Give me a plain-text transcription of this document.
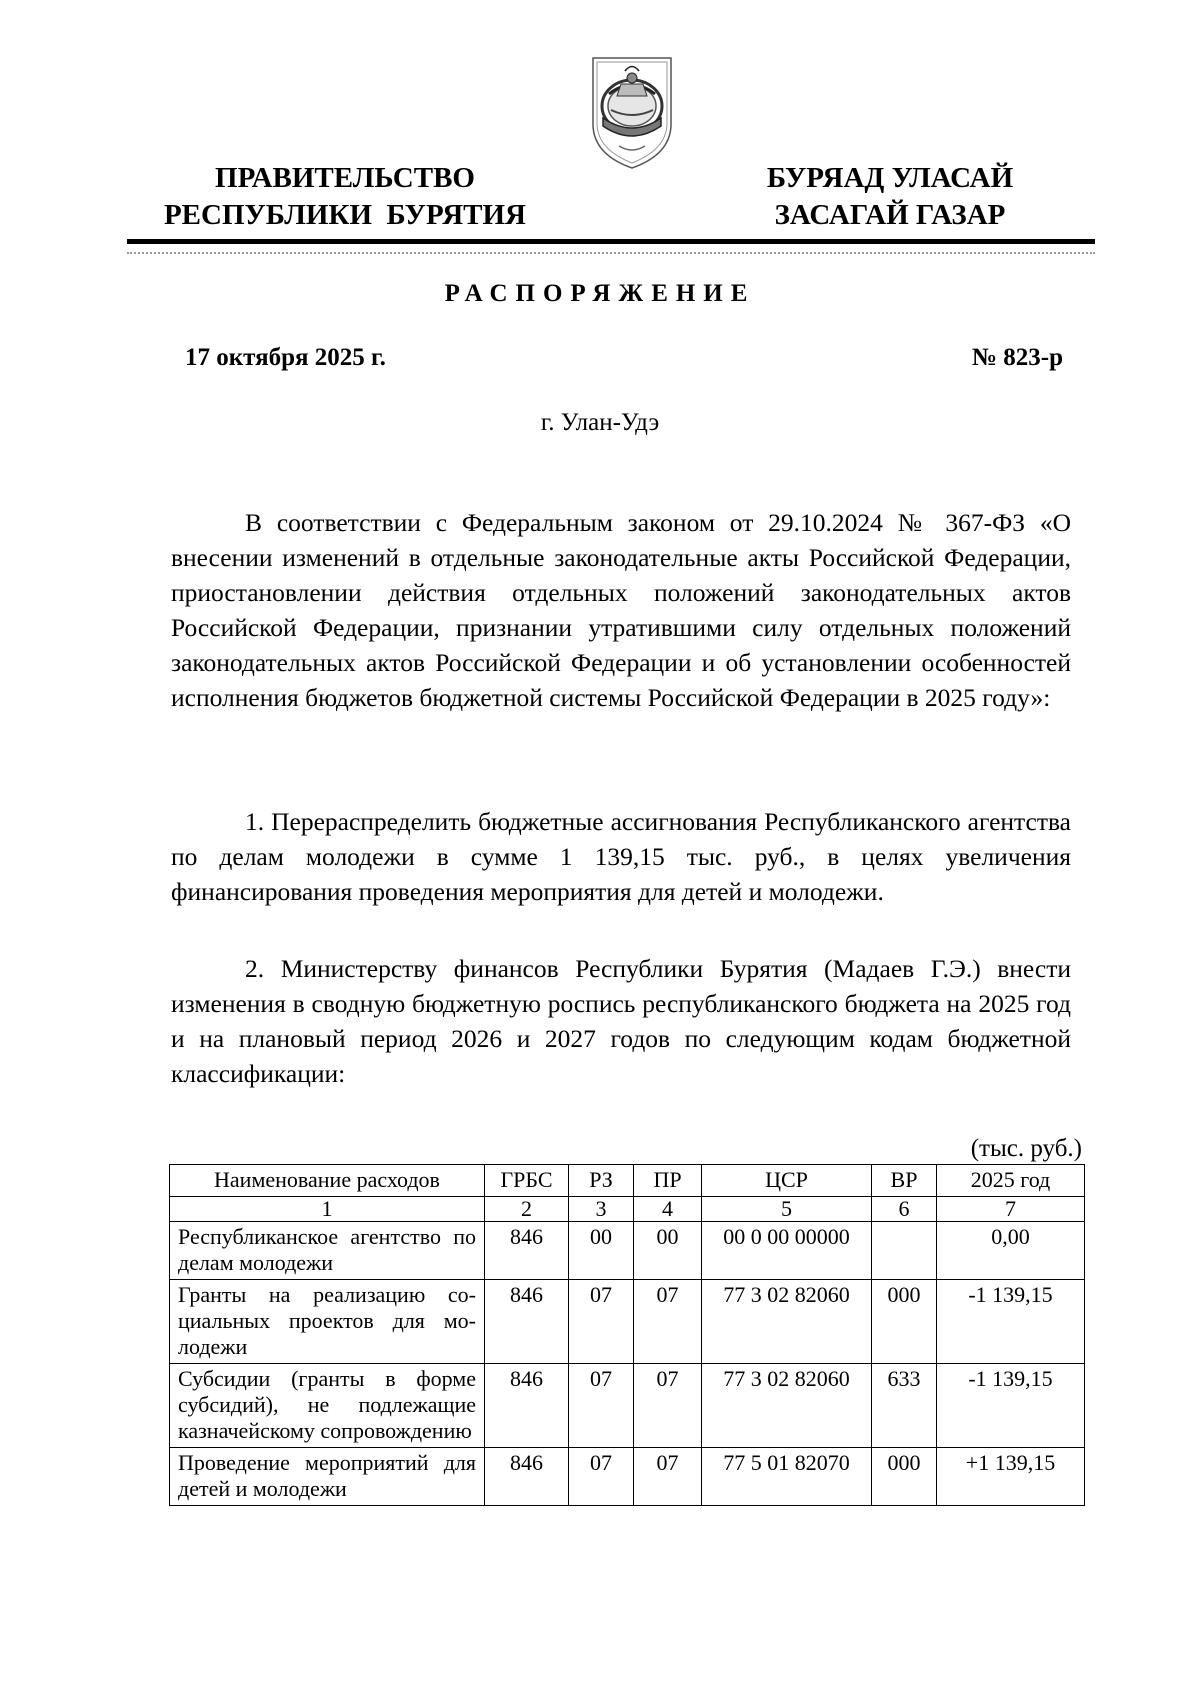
ПРАВИТЕЛЬСТВО
РЕСПУБЛИКИ  БУРЯТИЯ
БУРЯАД УЛАСАЙ
ЗАСАГАЙ ГАЗАР
РАСПОРЯЖЕНИЕ
17 октября 2025 г.	№ 823-р
г. Улан-Удэ

В соответствии с Федеральным законом от 29.10.2024 № 367-ФЗ «О внесении изменений в отдельные законодательные акты Российской Федерации, приостановлении действия отдельных положений законодательных актов Российской Федерации, признании утратившими силу отдельных положений законодательных актов Российской Федерации и об установлении особенностей исполнения бюджетов бюджетной системы Российской Федерации в 2025 году»:

1. Перераспределить бюджетные ассигнования Республиканского агентства по делам молодежи в сумме 1 139,15 тыс. руб., в целях увеличения финансирования проведения мероприятия для детей и молодежи.

2. Министерству финансов Республики Бурятия (Мадаев Г.Э.) внести изменения в сводную бюджетную роспись республиканского бюджета на 2025 год и на плановый период 2026 и 2027 годов по следующим кодам бюджетной классификации:

(тыс. руб.)
Наименование расходов	ГРБС	РЗ	ПР	ЦСР	ВР	2025 год
1	2	3	4	5	6	7
Республиканское агентство по делам молодежи	846	00	00	00 0 00 00000		0,00
Гранты на реализацию социальных проектов для молодежи	846	07	07	77 3 02 82060	000	-1 139,15
Субсидии (гранты в форме субсидий), не подлежащие казначейскому сопровождению	846	07	07	77 3 02 82060	633	-1 139,15
Проведение мероприятий для детей и молодежи	846	07	07	77 5 01 82070	000	+1 139,15
